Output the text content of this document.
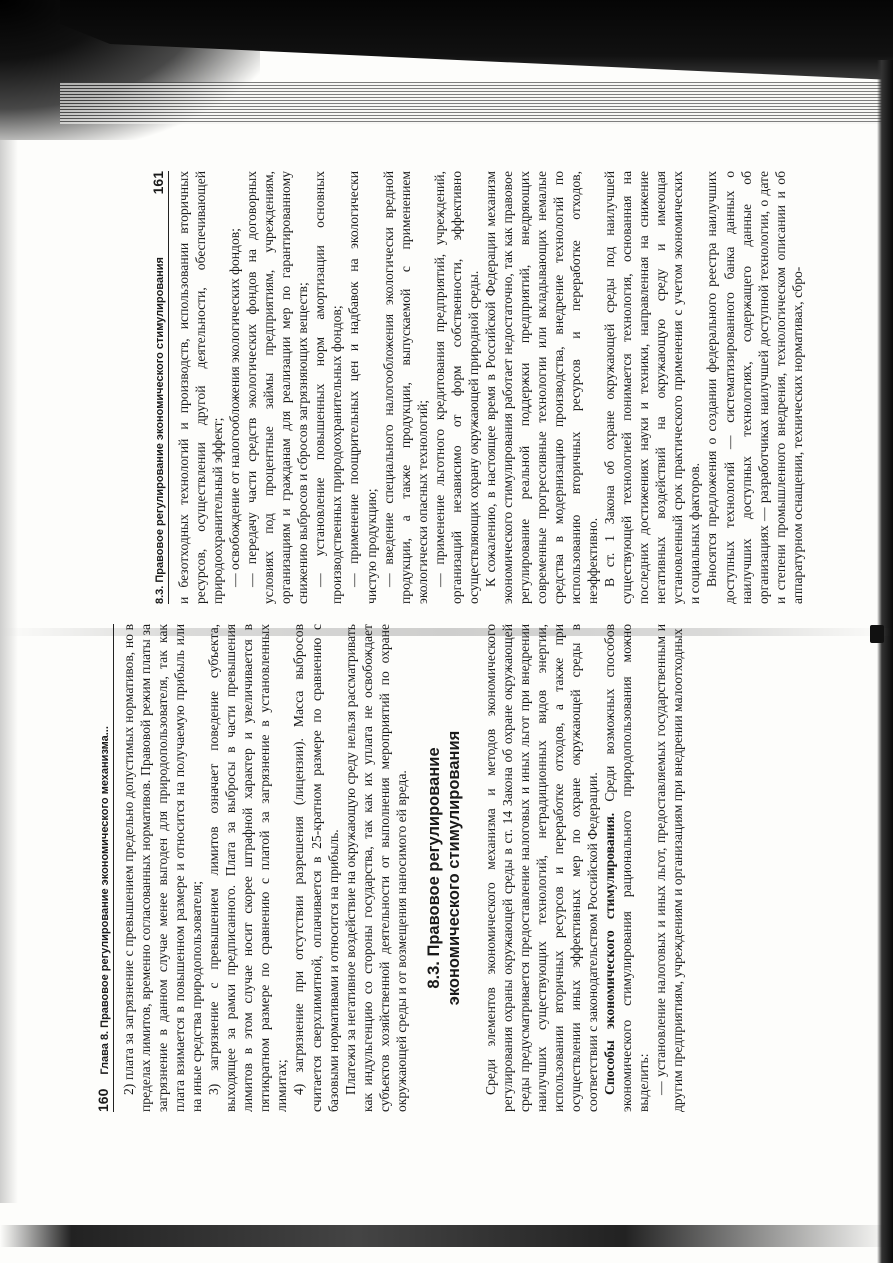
160
Глава 8. Правовое регулирование экономического механизма... 2) плата за загрязнение с превышением предельно допустимых нормативов, но в пределах лимитов, временно согласованных нормативов. Правовой режим платы за загрязнение в данном случае менее выгоден для природопользователя, так как плата взимается в повышенном размере и относится на получаемую прибыль или на иные средства природопользователя; 3) загрязнение с превышением лимитов означает поведение субъекта, выходящее за рамки предписанного. Плата за выбросы в части превышения лимитов в этом случае носит скорее штрафной характер и увеличивается в пятикратном размере по сравнению с платой за загрязнение в установленных лимитах; 4) загрязнение при отсутствии разрешения (лицензии). Масса выбросов считается сверхлимитной, оплачивается в 25-кратном размере по сравнению с базовыми нормативами и относится на прибыль. Платежи за негативное воздействие на окружающую среду нельзя рассматривать как индульгенцию со стороны государства, так как их уплата не освобождает субъектов хозяйственной деятельности от выполнения мероприятий по охране окружающей среды и от возмещения наносимого ей вреда. 8.3. Правовое регулирование экономического стимулирования Среди элементов экономического механизма и методов экономического регулирования охраны окружающей среды в ст. 14 Закона об охране окружающей среды предусматривается предоставление налоговых и иных льгот при внедрении наилучших существующих технологий, нетрадиционных видов энергии, использовании вторичных ресурсов и переработке отходов, а также при осуществлении иных эффективных мер по охране окружающей среды в соответствии с законодательством Российской Федерации. Способы экономического стимулирования. Среди возможных способов экономического стимулирования рационального природопользования можно выделить: — установление налоговых и иных льгот, предоставляемых государственным и другим предприятиям, учреждениям и организациям при внедрении малоотходных

8.3. Правовое регулирование экономического стимулирования
161 и безотходных технологий и производств, использовании вторичных ресурсов, осуществлении другой деятельности, обеспечивающей природоохранительный эффект; — освобождение от налогообложения экологических фондов; — передачу части средств экологических фондов на договорных условиях под процентные займы предприятиям, учреждениям, организациям и гражданам для реализации мер по гарантированному снижению выбросов и сбросов загрязняющих веществ; — установление повышенных норм амортизации основных производственных природоохранительных фондов; — применение поощрительных цен и надбавок на экологически чистую продукцию; — введение специального налогообложения экологически вредной продукции, а также продукции, выпускаемой с применением экологически опасных технологий; — применение льготного кредитования предприятий, учреждений, организаций независимо от форм собственности, эффективно осуществляющих охрану окружающей природной среды. К сожалению, в настоящее время в Российской Федерации механизм экономического стимулирования работает недостаточно, так как правовое регулирование реальной поддержки предприятий, внедряющих современные прогрессивные технологии или вкладывающих немалые средства в модернизацию производства, внедрение технологий по использованию вторичных ресурсов и переработке отходов, неэффективно. В ст. 1 Закона об охране окружающей среды под наилучшей существующей технологией понимается технология, основанная на последних достижениях науки и техники, направленная на снижение негативных воздействий на окружающую среду и имеющая установленный срок практического применения с учетом экономических и социальных факторов. Вносятся предложения о создании федерального реестра наилучших доступных технологий — систематизированного банка данных о наилучших доступных технологиях, содержащего данные об организациях — разработчиках наилучшей доступной технологии, о дате и степени промышленного внедрения, технологическом описании и об аппаратурном оснащении, технических нормативах, сбро-
